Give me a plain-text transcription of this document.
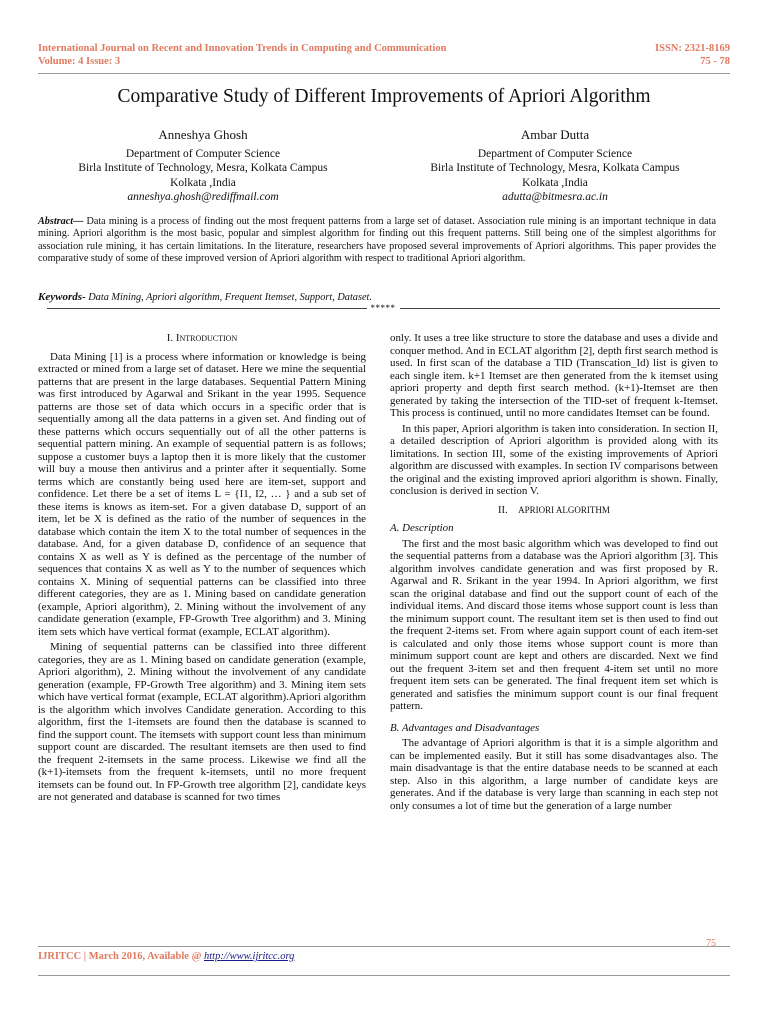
International Journal on Recent and Innovation Trends in Computing and Communication
Volume: 4 Issue: 3
ISSN: 2321-8169
75 - 78
Comparative Study of Different Improvements of Apriori Algorithm
Anneshya Ghosh
Department of Computer Science
Birla Institute of Technology, Mesra, Kolkata Campus
Kolkata ,India
anneshya.ghosh@rediffmail.com
Ambar Dutta
Department of Computer Science
Birla Institute of Technology, Mesra, Kolkata Campus
Kolkata ,India
adutta@bitmesra.ac.in
Abstract— Data mining is a process of finding out the most frequent patterns from a large set of dataset. Association rule mining is an important technique in data mining. Apriori algorithm is the most basic, popular and simplest algorithm for finding out this frequent patterns. Still being one of the simplest algorithms for association rule mining, it has certain limitations. In the literature, researchers have proposed several improvements of Apriori algorithms. This paper provides the comparative study of some of these improved version of Apriori algorithm with respect to traditional Apriori algorithm.
Keywords- Data Mining, Apriori algorithm, Frequent Itemset, Support, Dataset.
*****
I. Introduction

Data Mining [1] is a process where information or knowledge is being extracted or mined from a large set of dataset. Here we mine the sequential patterns that are present in the large databases. Sequential Pattern Mining was first introduced by Agarwal and Srikant in the year 1995. Sequence patterns are those set of data which occurs in a specific order that is sequentially among all the data patterns in a given set. And finding out of these patterns which occurs sequentially out of all the other patterns is sequential pattern mining. An example of sequential pattern is as follows; suppose a customer buys a laptop then it is more likely that the customer will buy a mouse then antivirus and a printer after it sequentially. Some terms which are constantly being used here are item-set, support and confidence. Let there be a set of items L = {I1, I2, … } and a sub set of these items is knows as item-set. For a given database D, support of an item, let be X is defined as the ratio of the number of sequences in the database which contain the item X to the total number of sequences in the database. And, for a given database D, confidence of an sequence that contains X as well as Y is defined as the percentage of the number of sequences that contains X as well as Y to the number of sequences which contains X. Mining of sequential patterns can be classified into three different categories, they are as 1. Mining based on candidate generation (example, Apriori algorithm), 2. Mining without the involvement of any candidate generation (example, FP-Growth Tree algorithm) and 3. Mining item sets which have vertical format (example, ECLAT algorithm).

Mining of sequential patterns can be classified into three different categories, they are as 1. Mining based on candidate generation (example, Apriori algorithm), 2. Mining without the involvement of any candidate generation (example, FP-Growth Tree algorithm) and 3. Mining item sets which have vertical format (example, ECLAT algorithm).Apriori algorithm is the algorithm which involves Candidate generation. According to this algorithm, first the 1-itemsets are found then the database is scanned to find the support count. The itemsets with support count less than minimum support count are discarded. The resultant itemsets are then used to find the frequent 2-itemsets in the same process. Likewise we find all the (k+1)-itemsets from the frequent k-itemsets, until no more frequent itemsets can be found out. In FP-Growth tree algorithm [2], candidate keys are not generated and database is scanned for two times

only. It uses a tree like structure to store the database and uses a divide and conquer method. And in ECLAT algorithm [2], depth first search method is used. In first scan of the database a TID (Transcation_Id) list is given to each single item. k+1 Itemset are then generated from the k itemset using apriori property and depth first search method. (k+1)-Itemset are then generated by taking the intersection of the TID-set of frequent k-Itemset. This process is continued, until no more candidates Itemset can be found.

In this paper, Apriori algorithm is taken into consideration. In section II, a detailed description of Apriori algorithm is provided along with its limitations. In section III, some of the existing improvements of Apriori algorithm are discussed with examples. In section IV comparisons between the original and the existing improved apriori algorithm is shown. Finally, conclusion is derived in section V.

II. APRIORI ALGORITHM
A. Description

The first and the most basic algorithm which was developed to find out the sequential patterns from a database was the Apriori algorithm [3]. This algorithm involves candidate generation and was first proposed by R. Agarwal and R. Srikant in the year 1994. In Apriori algorithm, we first scan the original database and find out the support count of each of the individual items. And discard those items whose support count is less than the minimum support count. The resultant item set is then used to find out the frequent 2-items set. From where again support count of each item-set is calculated and only those items whose support count is more than minimum support count are kept and others are discarded. Next we find out the frequent 3-item set and then frequent 4-item set until no more frequent item sets can be generated. The final frequent item set which is generated and satisfies the minimum support count is our final frequent pattern.

B. Advantages and Disadvantages

The advantage of Apriori algorithm is that it is a simple algorithm and can be implemented easily. But it still has some disadvantages also. The main disadvantage is that the entire database needs to be scanned at each step. Also in this algorithm, a large number of candidate keys are generates. And if the database is very large than scanning in each step not only consumes a lot of time but the generation of a large number

75
IJRITCC | March 2016, Available @ http://www.ijritcc.org
